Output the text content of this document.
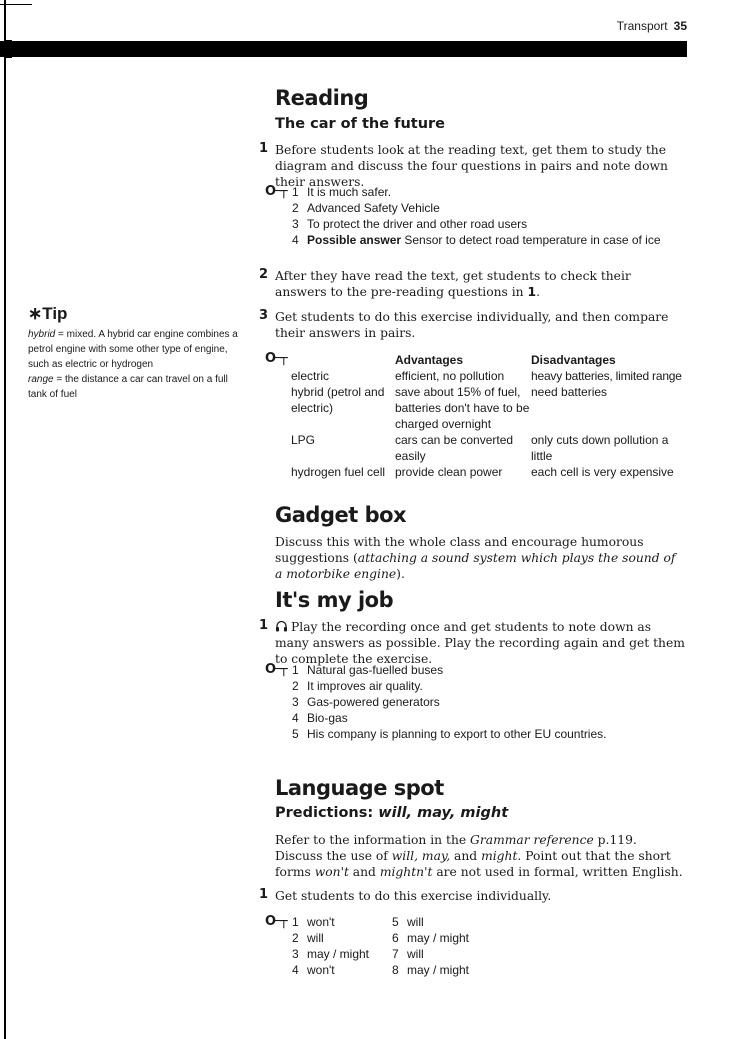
Transport 35
Reading
The car of the future
1 Before students look at the reading text, get them to study the diagram and discuss the four questions in pairs and note down their answers.
O─┬ 1 It is much safer.
2 Advanced Safety Vehicle
3 To protect the driver and other road users
4 Possible answer Sensor to detect road temperature in case of ice
2 After they have read the text, get students to check their answers to the pre-reading questions in 1.
3 Get students to do this exercise individually, and then compare their answers in pairs.
O─┬
		Advantages	Disadvantages
electric	efficient, no pollution	heavy batteries, limited range
hybrid (petrol and electric)	save about 15% of fuel, batteries don't have to be charged overnight	need batteries
LPG	cars can be converted easily	only cuts down pollution a little
hydrogen fuel cell	provide clean power	each cell is very expensive
∗Tip
hybrid = mixed. A hybrid car engine combines a petrol engine with some other type of engine, such as electric or hydrogen
range = the distance a car can travel on a full tank of fuel
Gadget box
Discuss this with the whole class and encourage humorous suggestions (attaching a sound system which plays the sound of a motorbike engine).
It's my job
1	Play the recording once and get students to note down as many answers as possible. Play the recording again and get them to complete the exercise.
O─┬ 1 Natural gas-fuelled buses
2 It improves air quality.
3 Gas-powered generators
4 Bio-gas
5 His company is planning to export to other EU countries.
Language spot
Predictions: will, may, might
Refer to the information in the Grammar reference p.119. Discuss the use of will, may, and might. Point out that the short forms won't and mightn't are not used in formal, written English.
1 Get students to do this exercise individually.
O─┬ 1 won't
2 will
3 may / might
4 won't
5 will
6 may / might
7 will
8 may / might
